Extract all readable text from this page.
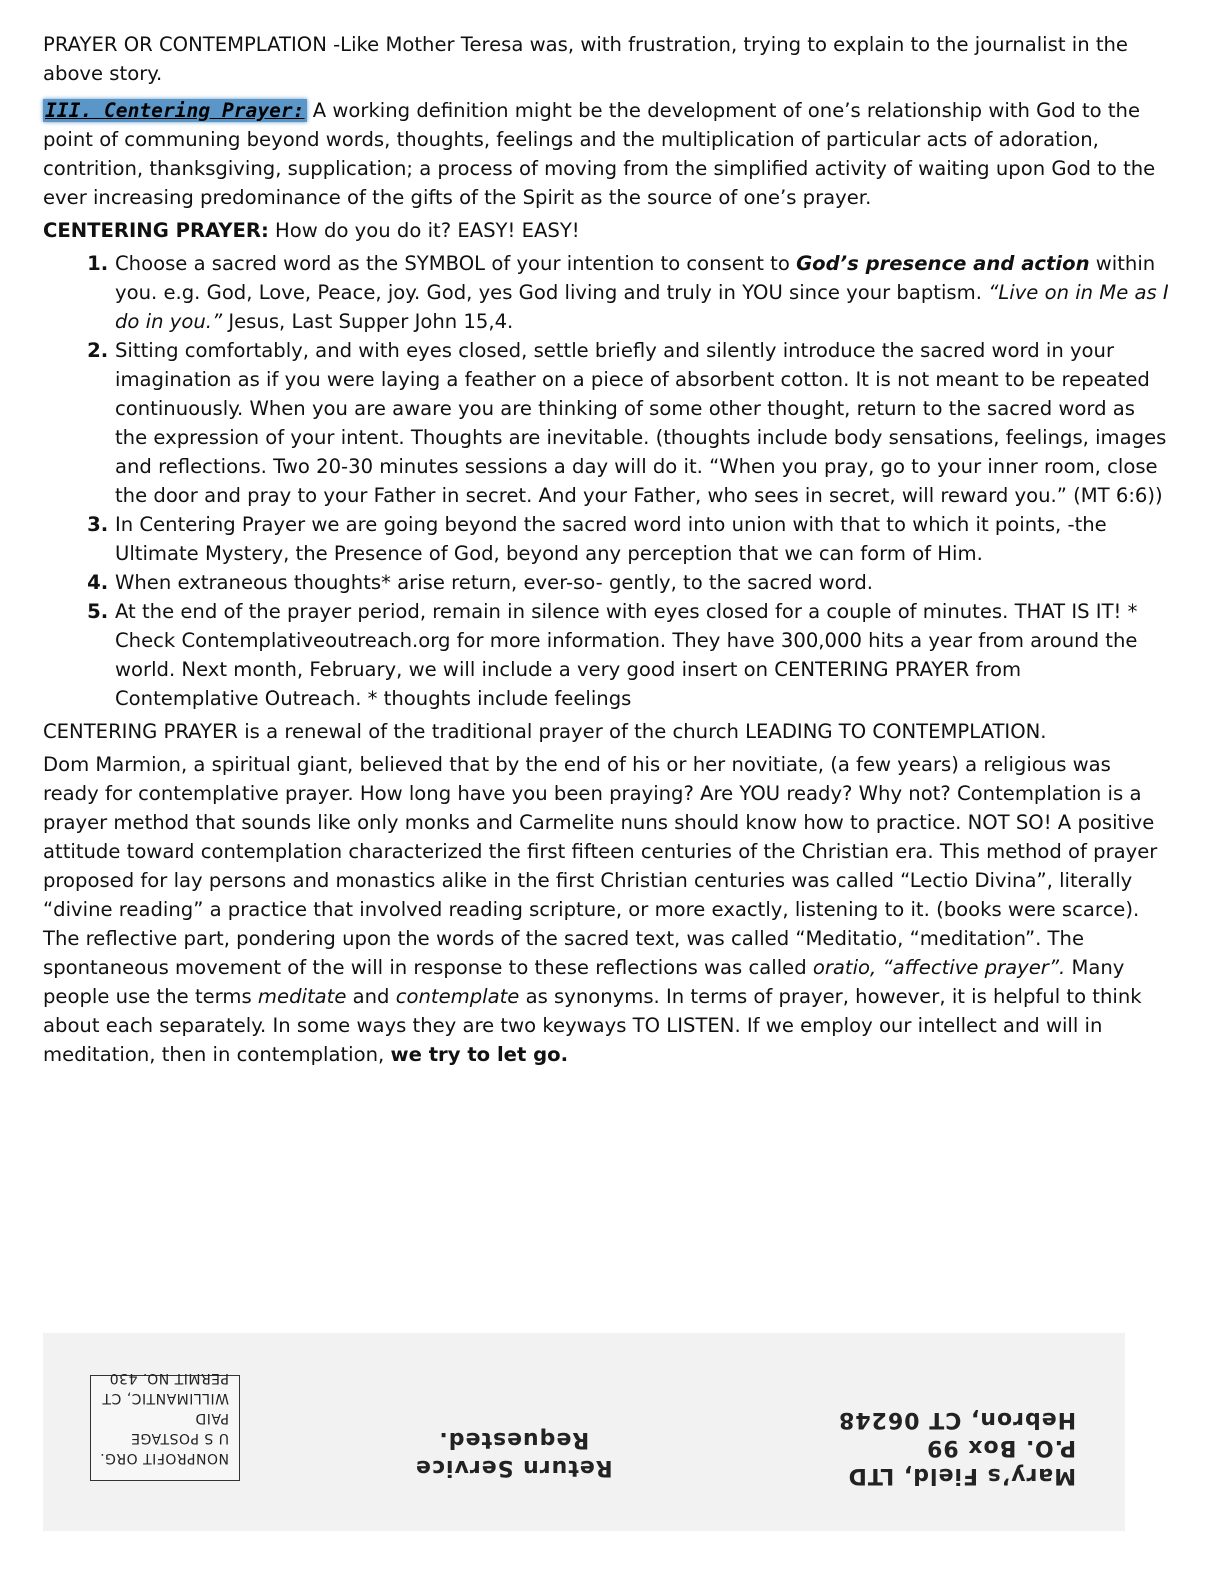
PRAYER OR CONTEMPLATION -Like Mother Teresa was, with frustration, trying to explain to the journalist in the above story.

III. Centering Prayer: A working definition might be the development of one’s relationship with God to the point of communing beyond words, thoughts, feelings and the multiplication of particular acts of adoration, contrition, thanksgiving, supplication; a process of moving from the simplified activity of waiting upon God to the ever increasing predominance of the gifts of the Spirit as the source of one’s prayer.

CENTERING PRAYER: How do you do it? EASY! EASY!

1. Choose a sacred word as the SYMBOL of your intention to consent to God’s presence and action within you. e.g. God, Love, Peace, joy. God, yes God living and truly in YOU since your baptism. “Live on in Me as I do in you.” Jesus, Last Supper John 15,4.
2. Sitting comfortably, and with eyes closed, settle briefly and silently introduce the sacred word in your imagination as if you were laying a feather on a piece of absorbent cotton. It is not meant to be repeated continuously. When you are aware you are thinking of some other thought, return to the sacred word as the expression of your intent. Thoughts are inevitable. (thoughts include body sensations, feelings, images and reflections. Two 20-30 minutes sessions a day will do it. “When you pray, go to your inner room, close the door and pray to your Father in secret. And your Father, who sees in secret, will reward you.” (MT 6:6))
3. In Centering Prayer we are going beyond the sacred word into union with that to which it points, -the Ultimate Mystery, the Presence of God, beyond any perception that we can form of Him.
4. When extraneous thoughts* arise return, ever-so- gently, to the sacred word.
5. At the end of the prayer period, remain in silence with eyes closed for a couple of minutes. THAT IS IT! * Check Contemplativeoutreach.org for more information. They have 300,000 hits a year from around the world. Next month, February, we will include a very good insert on CENTERING PRAYER from Contemplative Outreach. * thoughts include feelings

CENTERING PRAYER is a renewal of the traditional prayer of the church LEADING TO CONTEMPLATION.

Dom Marmion, a spiritual giant, believed that by the end of his or her novitiate, (a few years) a religious was ready for contemplative prayer. How long have you been praying? Are YOU ready? Why not? Contemplation is a prayer method that sounds like only monks and Carmelite nuns should know how to practice. NOT SO! A positive attitude toward contemplation characterized the first fifteen centuries of the Christian era. This method of prayer proposed for lay persons and monastics alike in the first Christian centuries was called “Lectio Divina”, literally “divine reading” a practice that involved reading scripture, or more exactly, listening to it. (books were scarce). The reflective part, pondering upon the words of the sacred text, was called “Meditatio, “meditation”. The spontaneous movement of the will in response to these reflections was called oratio, “affective prayer”. Many people use the terms meditate and contemplate as synonyms. In terms of prayer, however, it is helpful to think about each separately. In some ways they are two keyways TO LISTEN. If we employ our intellect and will in meditation, then in contemplation, we try to let go.

NONPROFIT ORG.
U S POSTAGE PAID
WILLIMANTIC, CT
PERMIT NO. 430
Return Service
Requested.
Mary’s Field, LTD
P.O. Box 99
Hebron, CT 06248
